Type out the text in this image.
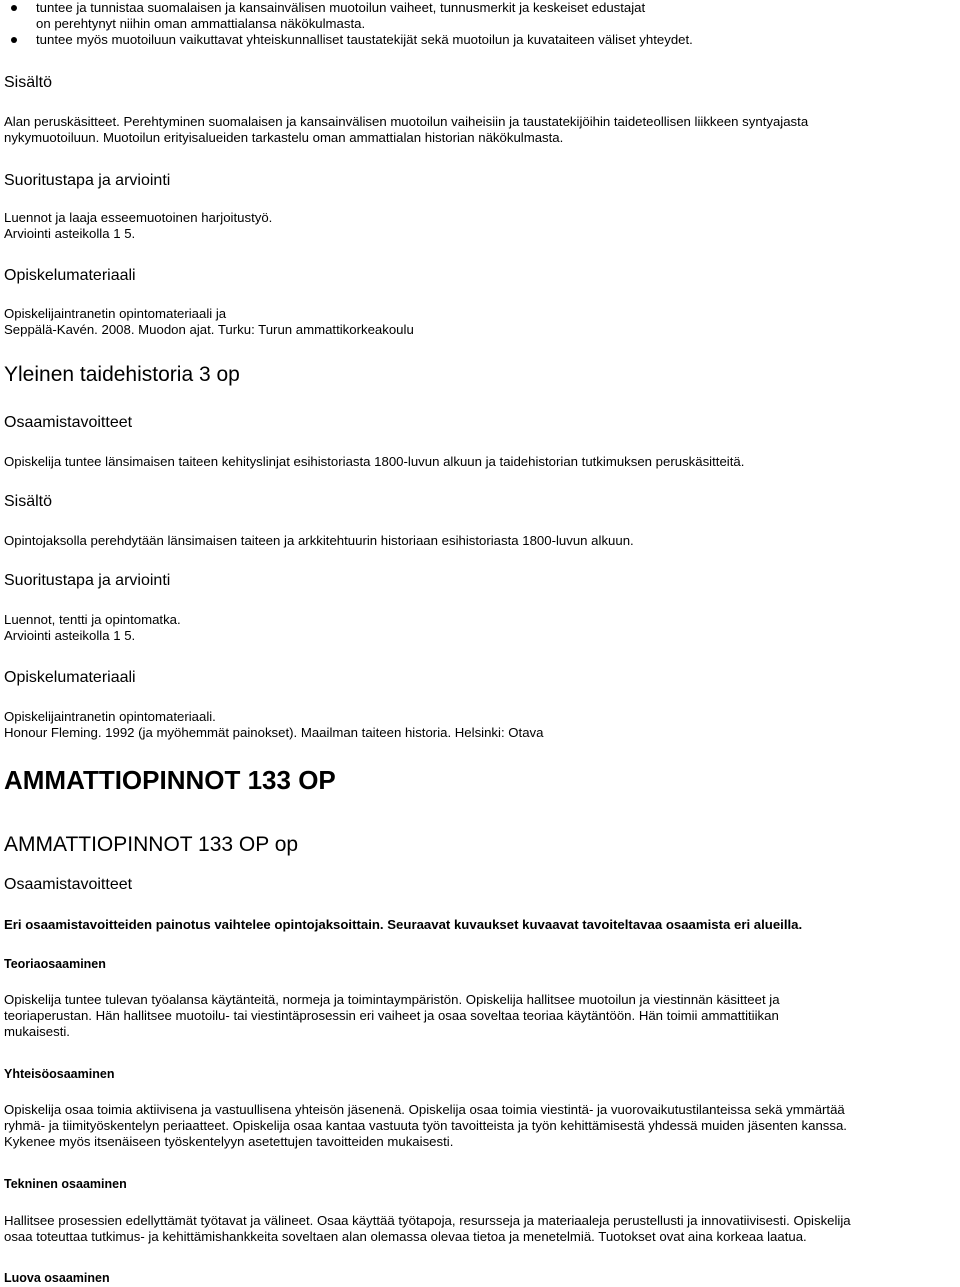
tuntee ja tunnistaa suomalaisen ja kansainvälisen muotoilun vaiheet, tunnusmerkit ja keskeiset edustajat
on perehtynyt niihin oman ammattialansa näkökulmasta.
tuntee myös muotoiluun vaikuttavat yhteiskunnalliset taustatekijät sekä muotoilun ja kuvataiteen väliset yhteydet.
Sisältö
Alan peruskäsitteet. Perehtyminen suomalaisen ja kansainvälisen muotoilun vaiheisiin ja taustatekijöihin taideteollisen liikkeen syntyajasta
nykymuotoiluun. Muotoilun erityisalueiden tarkastelu oman ammattialan historian näkökulmasta.
Suoritustapa ja arviointi
Luennot ja laaja esseemuotoinen harjoitustyö.
Arviointi asteikolla 1 5.
Opiskelumateriaali
Opiskelijaintranetin opintomateriaali ja
Seppälä-Kavén. 2008. Muodon ajat. Turku: Turun ammattikorkeakoulu
Yleinen taidehistoria 3 op
Osaamistavoitteet
Opiskelija tuntee länsimaisen taiteen kehityslinjat esihistoriasta 1800-luvun alkuun ja taidehistorian tutkimuksen peruskäsitteitä.
Sisältö
Opintojaksolla perehdytään länsimaisen taiteen ja arkkitehtuurin historiaan esihistoriasta 1800-luvun alkuun.
Suoritustapa ja arviointi
Luennot, tentti ja opintomatka.
Arviointi asteikolla 1 5.
Opiskelumateriaali
Opiskelijaintranetin opintomateriaali.
Honour Fleming. 1992 (ja myöhemmät painokset). Maailman taiteen historia. Helsinki: Otava
AMMATTIOPINNOT 133 OP
AMMATTIOPINNOT 133 OP op
Osaamistavoitteet
Eri osaamistavoitteiden painotus vaihtelee opintojaksoittain. Seuraavat kuvaukset kuvaavat tavoiteltavaa osaamista eri alueilla.
Teoriaosaaminen
Opiskelija tuntee tulevan työalansa käytänteitä, normeja ja toimintaympäristön. Opiskelija hallitsee muotoilun ja viestinnän käsitteet ja
teoriaperustan. Hän hallitsee muotoilu- tai viestintäprosessin eri vaiheet ja osaa soveltaa teoriaa käytäntöön. Hän toimii ammattitiikan
mukaisesti.
Yhteisöosaaminen
Opiskelija osaa toimia aktiivisena ja vastuullisena yhteisön jäsenenä. Opiskelija osaa toimia viestintä- ja vuorovaikutustilanteissa sekä ymmärtää
ryhmä- ja tiimityöskentelyn periaatteet. Opiskelija osaa kantaa vastuuta työn tavoitteista ja työn kehittämisestä yhdessä muiden jäsenten kanssa.
Kykenee myös itsenäiseen työskentelyyn asetettujen tavoitteiden mukaisesti.
Tekninen osaaminen
Hallitsee prosessien edellyttämät työtavat ja välineet. Osaa käyttää työtapoja, resursseja ja materiaaleja perustellusti ja innovatiivisesti. Opiskelija
osaa toteuttaa tutkimus- ja kehittämishankkeita soveltaen alan olemassa olevaa tietoa ja menetelmiä. Tuotokset ovat aina korkeaa laatua.
Luova osaaminen
